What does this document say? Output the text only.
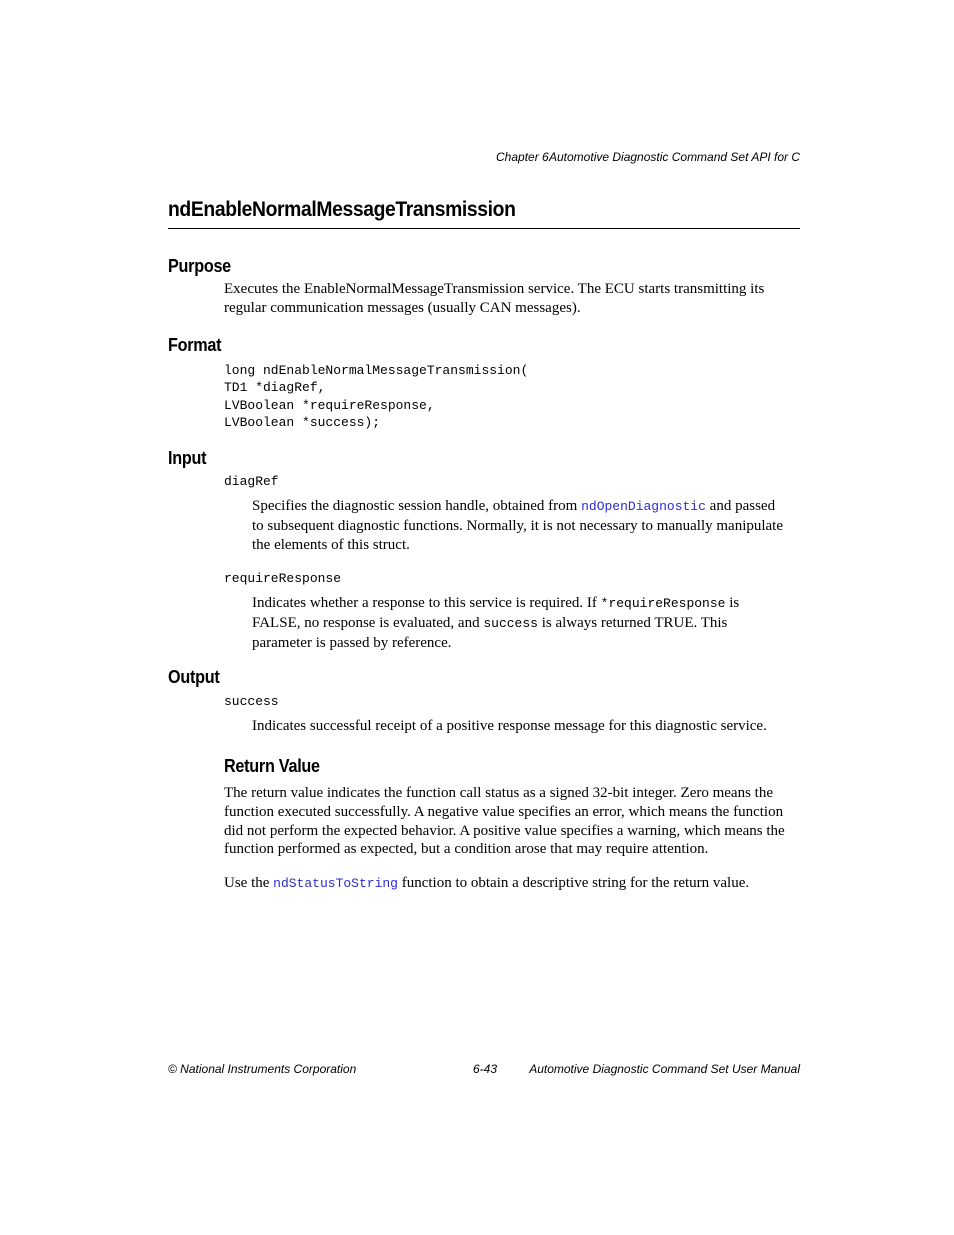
Chapter 6 Automotive Diagnostic Command Set API for C
ndEnableNormalMessageTransmission
Purpose
Executes the EnableNormalMessageTransmission service. The ECU starts transmitting its
regular communication messages (usually CAN messages).
Format
long ndEnableNormalMessageTransmission(
TD1 *diagRef,
LVBoolean *requireResponse,
LVBoolean *success);
Input
diagRef
Specifies the diagnostic session handle, obtained from ndOpenDiagnostic and passed
to subsequent diagnostic functions. Normally, it is not necessary to manually manipulate
the elements of this struct.
requireResponse
Indicates whether a response to this service is required. If *requireResponse is
FALSE, no response is evaluated, and success is always returned TRUE. This
parameter is passed by reference.
Output
success
Indicates successful receipt of a positive response message for this diagnostic service.
Return Value
The return value indicates the function call status as a signed 32-bit integer. Zero means the
function executed successfully. A negative value specifies an error, which means the function
did not perform the expected behavior. A positive value specifies a warning, which means the
function performed as expected, but a condition arose that may require attention.
Use the ndStatusToString function to obtain a descriptive string for the return value.
© National Instruments Corporation	6-43	Automotive Diagnostic Command Set User Manual
